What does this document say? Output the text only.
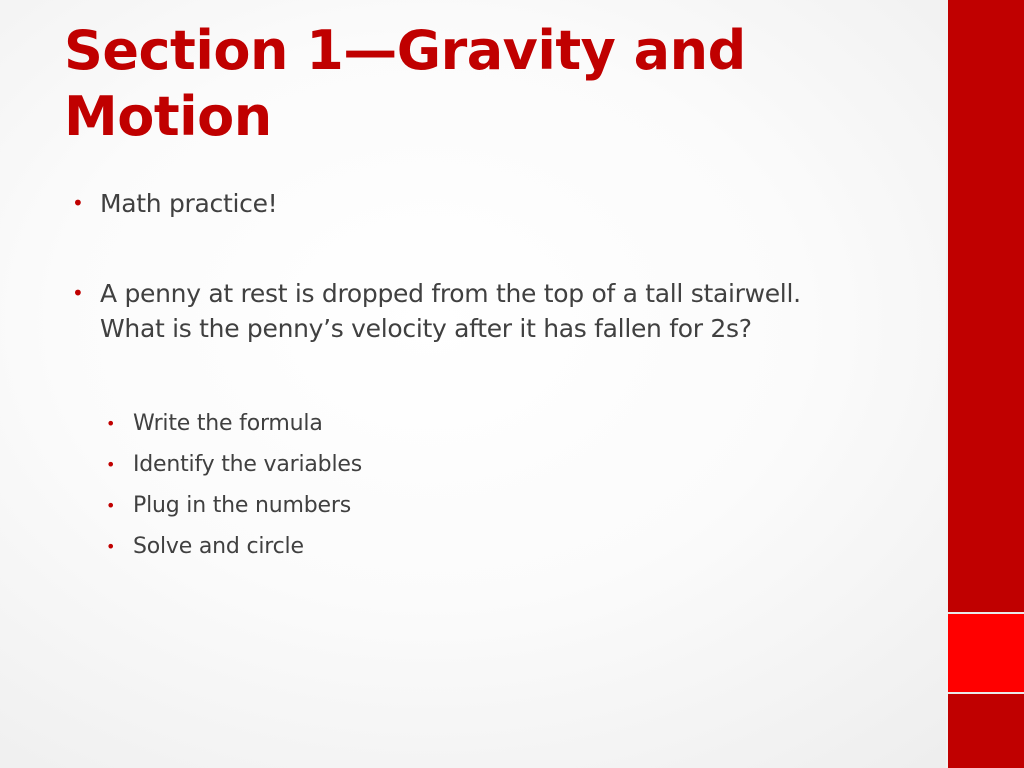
Section 1—Gravity and Motion
• Math practice!
• A penny at rest is dropped from the top of a tall stairwell. What is the penny’s velocity after it has fallen for 2s?
• Write the formula
• Identify the variables
• Plug in the numbers
• Solve and circle
